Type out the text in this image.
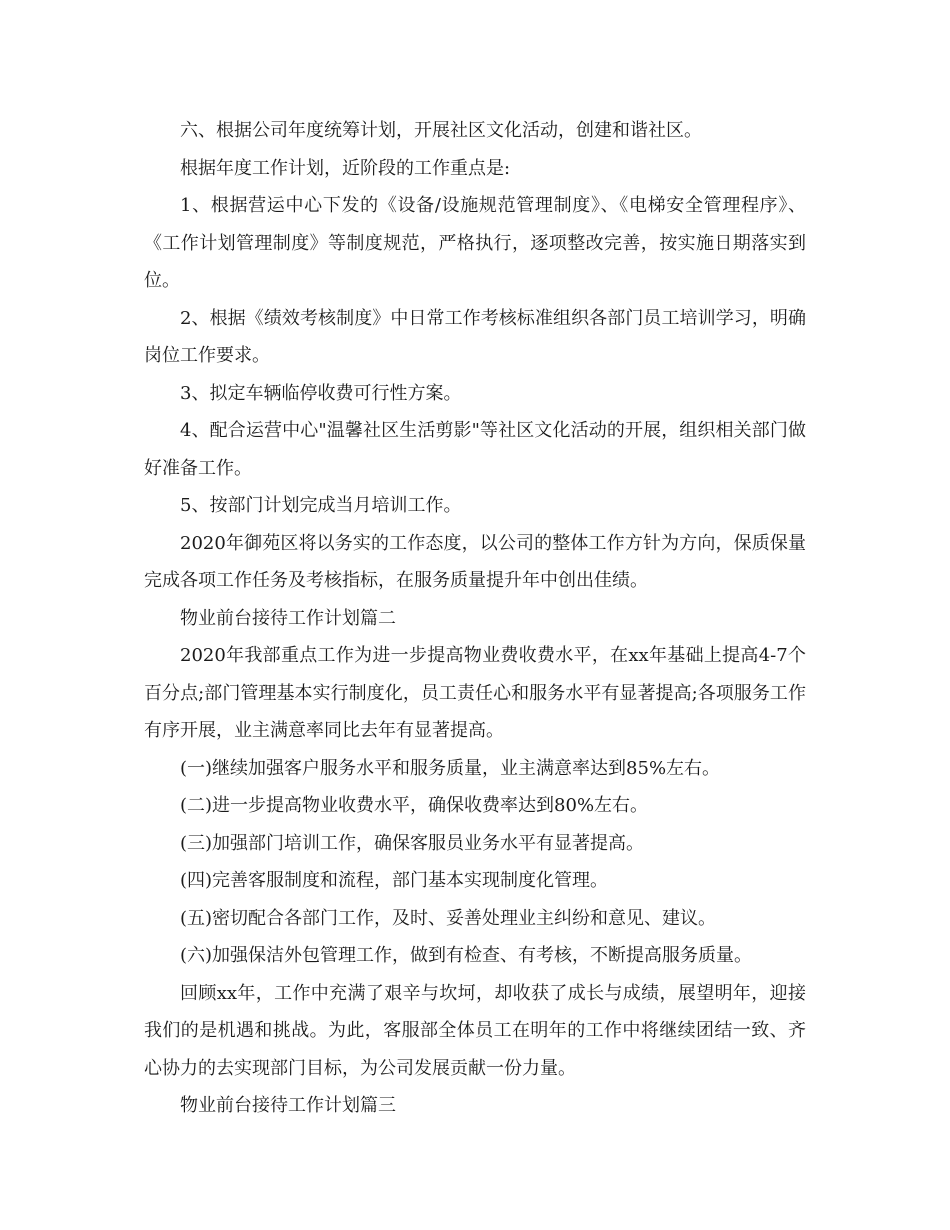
六、根据公司年度统筹计划，开展社区文化活动，创建和谐社区。

根据年度工作计划，近阶段的工作重点是:

1、根据营运中心下发的《设备/设施规范管理制度》、《电梯安全管理程序》、《工作计划管理制度》等制度规范，严格执行，逐项整改完善，按实施日期落实到位。

2、根据《绩效考核制度》中日常工作考核标准组织各部门员工培训学习，明确岗位工作要求。

3、拟定车辆临停收费可行性方案。

4、配合运营中心"温馨社区生活剪影"等社区文化活动的开展，组织相关部门做好准备工作。

5、按部门计划完成当月培训工作。

2020年御苑区将以务实的工作态度，以公司的整体工作方针为方向，保质保量完成各项工作任务及考核指标，在服务质量提升年中创出佳绩。

物业前台接待工作计划篇二

2020年我部重点工作为进一步提高物业费收费水平，在xx年基础上提高4-7个百分点;部门管理基本实行制度化，员工责任心和服务水平有显著提高;各项服务工作有序开展，业主满意率同比去年有显著提高。

(一)继续加强客户服务水平和服务质量，业主满意率达到85%左右。

(二)进一步提高物业收费水平，确保收费率达到80%左右。

(三)加强部门培训工作，确保客服员业务水平有显著提高。

(四)完善客服制度和流程，部门基本实现制度化管理。

(五)密切配合各部门工作，及时、妥善处理业主纠纷和意见、建议。

(六)加强保洁外包管理工作，做到有检查、有考核，不断提高服务质量。

回顾xx年，工作中充满了艰辛与坎坷，却收获了成长与成绩，展望明年，迎接我们的是机遇和挑战。为此，客服部全体员工在明年的工作中将继续团结一致、齐心协力的去实现部门目标，为公司发展贡献一份力量。

物业前台接待工作计划篇三
